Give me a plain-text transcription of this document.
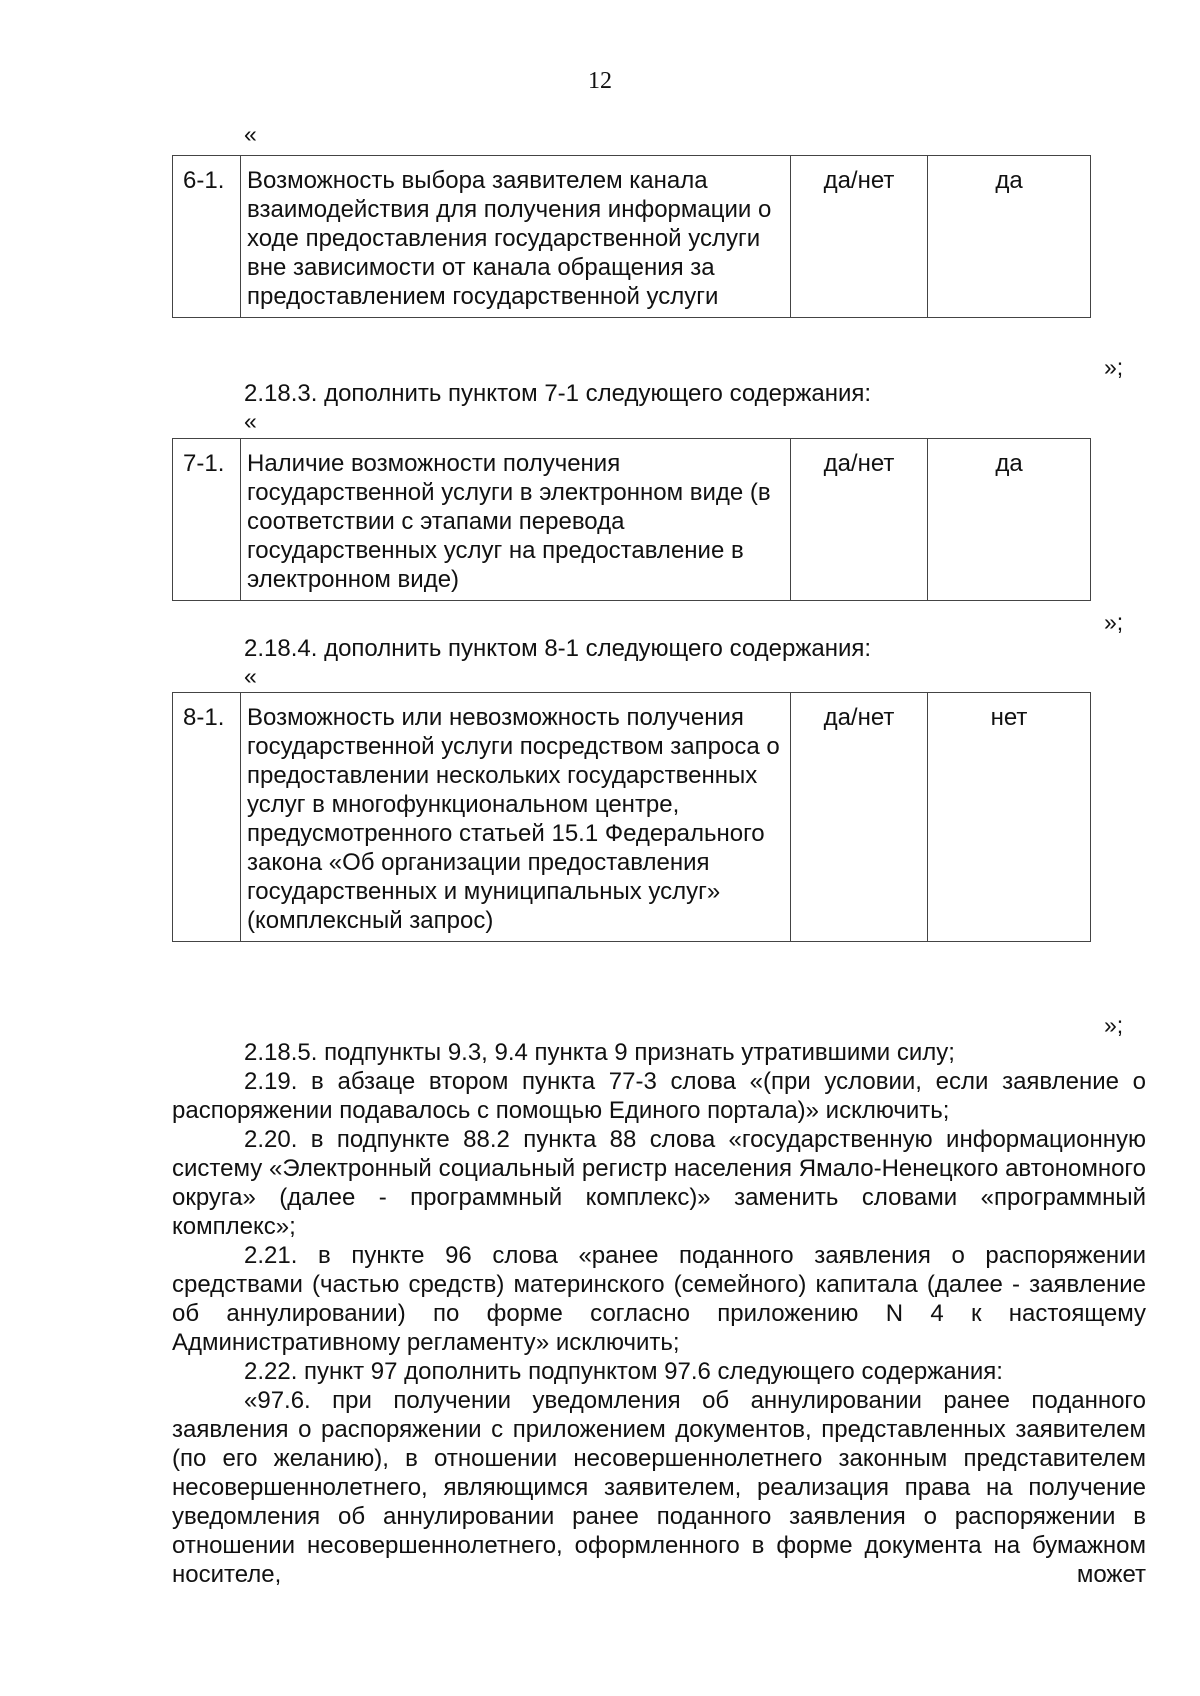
12
«
6-1.	Возможность выбора заявителем канала взаимодействия для получения информации о ходе предоставления государственной услуги вне зависимости от канала обращения за предоставлением государственной услуги	да/нет	да
»;
2.18.3. дополнить пунктом 7-1 следующего содержания:
«
7-1.	Наличие возможности получения государственной услуги в электронном виде (в соответствии с этапами перевода государственных услуг на предоставление в электронном виде)	да/нет	да
»;
2.18.4. дополнить пунктом 8-1 следующего содержания:
«
8-1.	Возможность или невозможность получения государственной услуги посредством запроса о предоставлении нескольких государственных услуг в многофункциональном центре, предусмотренного статьей 15.1 Федерального закона «Об организации предоставления государственных и муниципальных услуг» (комплексный запрос)	да/нет	нет
»;

2.18.5. подпункты 9.3, 9.4 пункта 9 признать утратившими силу;

2.19. в абзаце втором пункта 77-3 слова «(при условии, если заявление о распоряжении подавалось с помощью Единого портала)» исключить;

2.20. в подпункте 88.2 пункта 88 слова «государственную информационную систему «Электронный социальный регистр населения Ямало-Ненецкого автономного округа» (далее - программный комплекс)» заменить словами «программный комплекс»;

2.21. в пункте 96 слова «ранее поданного заявления о распоряжении средствами (частью средств) материнского (семейного) капитала (далее - заявление об аннулировании) по форме согласно приложению N 4 к настоящему Административному регламенту» исключить;

2.22. пункт 97 дополнить подпунктом 97.6 следующего содержания:

«97.6. при получении уведомления об аннулировании ранее поданного заявления о распоряжении с приложением документов, представленных заявителем (по его желанию), в отношении несовершеннолетнего законным представителем несовершеннолетнего, являющимся заявителем, реализация права на получение уведомления об аннулировании ранее поданного заявления о распоряжении в отношении несовершеннолетнего, оформленного в форме документа на бумажном носителе, может
